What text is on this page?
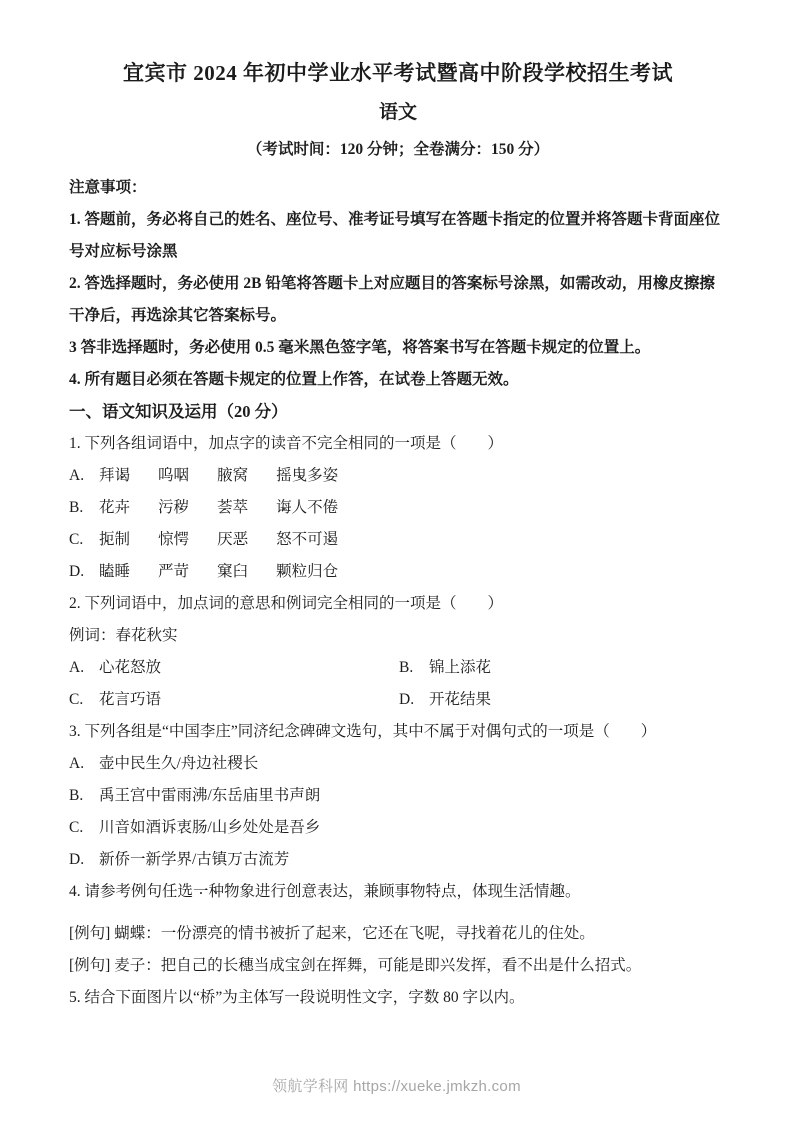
宜宾市 2024 年初中学业水平考试暨高中阶段学校招生考试
语文
（考试时间：120 分钟；全卷满分：150 分）

注意事项：

1. 答题前，务必将自己的姓名、座位号、准考证号填写在答题卡指定的位置并将答题卡背面座位号对应标号涂黑

2. 答选择题时，务必使用 2B 铅笔将答题卡上对应题目的答案标号涂黑，如需改动，用橡皮擦擦干净后，再选涂其它答案标号。

3 答非选择题时，务必使用 0.5 毫米黑色签字笔，将答案书写在答题卡规定的位置上。

4. 所有题目必须在答题卡规定的位置上作答，在试卷上答题无效。

一、语文知识及运用（20 分）

1. 下列各组词语中，加点字的读音不完全相同的一项是（　　）

A. 拜谒 • 呜咽 • 腋 •窝 摇曳 •多姿
B.	花卉 • 污秽 • 荟 •萃 诲 •人不倦
C.	扼 •制 惊愕 • 厌恶 • 怒不可遏 •
D. 瞌 •睡 严苛 • 窠 •臼 颗 •粒归仓

2. 下列词语中，加点词的意思和例词完全相同的一项是（　　）

例词：春花 •秋实

A. 心花 •怒放	B. 锦上添花 •
C. 花 •言巧语	D. 开花 •结果

3. 下列各组是“中国李庄”同济纪念碑碑文选句，其中不属于对偶句式的一项是（　　）

A. 壶中民生久/舟边社稷长
B.	禹王宫中雷雨沸/东岳庙里书声朗
C.	川音如酒诉衷肠/山乡处处是吾乡
D. 新侨一新学界/古镇万古流芳

4. 请参考例句任选一 •种 •物象进行创意表达，兼顾事物特点，体现生活情趣。

[例句] 蝴蝶：一份漂亮的情书被折了起来，它还在飞呢，寻找着花儿的住处。

[例句] 麦子：把自己的长穗当成宝剑在挥舞，可能是即兴发挥，看不出是什么招式。

5. 结合下面图片以“桥”为主体写一段说明性文字，字数 80 字以内。

领航学科网 https://xueke.jmkzh.com
